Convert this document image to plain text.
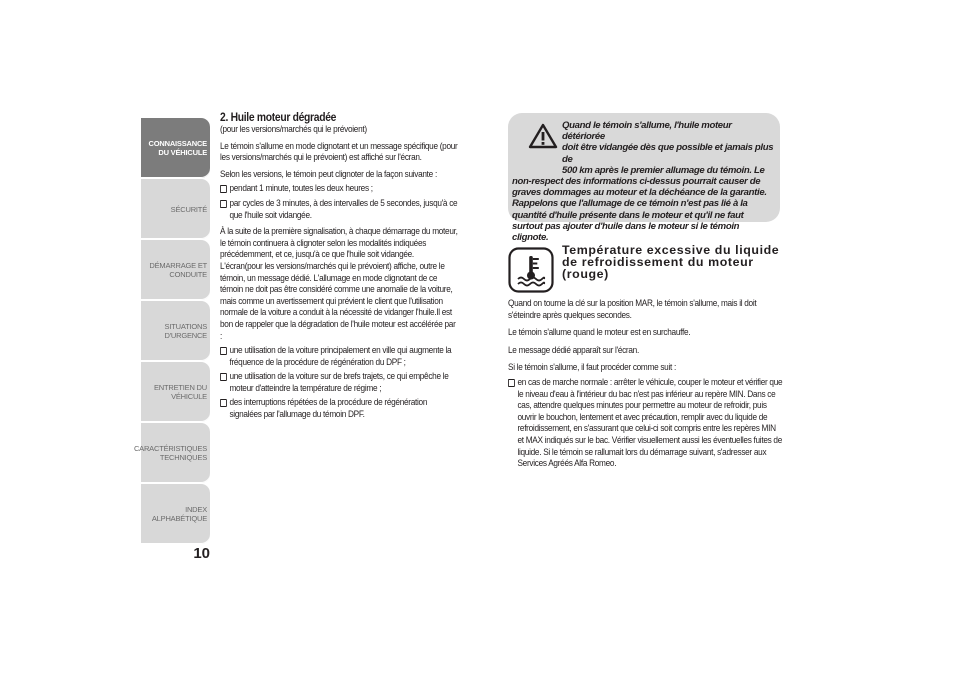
CONNAISSANCE
DU VÉHICULE
SÉCURITÉ
DÉMARRAGE ET
CONDUITE
SITUATIONS
D'URGENCE
ENTRETIEN DU
VÉHICULE
CARACTÉRISTIQUES
TECHNIQUES
INDEX
ALPHABÉTIQUE
10
2. Huile moteur dégradée
(pour les versions/marchés qui le prévoient)
Le témoin s'allume en mode clignotant et un message spécifique (pour les versions/marchés qui le prévoient) est affiché sur l'écran.
Selon les versions, le témoin peut clignoter de la façon suivante :
pendant 1 minute, toutes les deux heures ;
par cycles de 3 minutes, à des intervalles de 5 secondes, jusqu'à ce que l'huile soit vidangée.
À la suite de la première signalisation, à chaque démarrage du moteur, le témoin continuera à clignoter selon les modalités indiquées précédemment, et ce, jusqu'à ce que l'huile soit vidangée. L'écran(pour les versions/marchés qui le prévoient) affiche, outre le témoin, un message dédié. L'allumage en mode clignotant de ce témoin ne doit pas être considéré comme une anomalie de la voiture, mais comme un avertissement qui prévient le client que l'utilisation normale de la voiture a conduit à la nécessité de vidanger l'huile.Il est bon de rappeler que la dégradation de l'huile moteur est accélérée par :
une utilisation de la voiture principalement en ville qui augmente la fréquence de la procédure de régénération du DPF ;
une utilisation de la voiture sur de brefs trajets, ce qui empêche le moteur d'atteindre la température de régime ;
des interruptions répétées de la procédure de régénération signalées par l'allumage du témoin DPF.
Quand le témoin s'allume, l'huile moteur détériorée
doit être vidangée dès que possible et jamais plus de
500 km après le premier allumage du témoin. Le
non-respect des informations ci-dessus pourrait causer de graves dommages au moteur et la déchéance de la garantie. Rappelons que l'allumage de ce témoin n'est pas lié à la quantité d'huile présente dans le moteur et qu'il ne faut surtout pas ajouter d'huile dans le moteur si le témoin clignote.
Température excessive du liquide de refroidissement du moteur (rouge)
Quand on tourne la clé sur la position MAR, le témoin s'allume, mais il doit s'éteindre après quelques secondes.
Le témoin s'allume quand le moteur est en surchauffe.
Le message dédié apparaît sur l'écran.
Si le témoin s'allume, il faut procéder comme suit :
en cas de marche normale : arrêter le véhicule, couper le moteur et vérifier que le niveau d'eau à l'intérieur du bac n'est pas inférieur au repère MIN. Dans ce cas, attendre quelques minutes pour permettre au moteur de refroidir, puis ouvrir le bouchon, lentement et avec précaution, remplir avec du liquide de refroidissement, en s'assurant que celui-ci soit compris entre les repères MIN et MAX indiqués sur le bac. Vérifier visuellement aussi les éventuelles fuites de liquide. Si le témoin se rallumait lors du démarrage suivant, s'adresser aux Services Agréés Alfa Romeo.
